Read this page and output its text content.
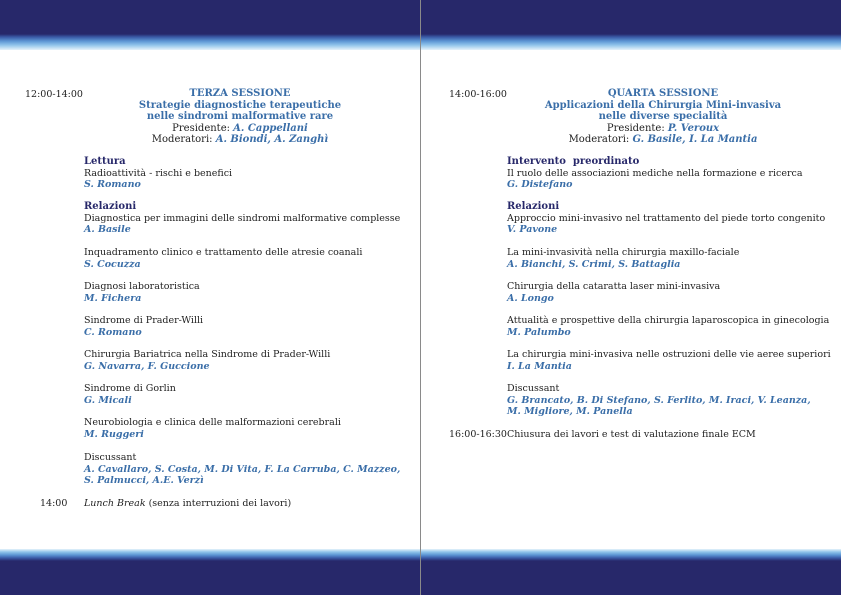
12:00-14:00	TERZA SESSIONE
Strategie diagnostiche terapeutiche
nelle sindromi malformative rare
Presidente: A. Cappellani
Moderatori: A. Biondi, A. Zanghì
Lettura
Radioattività - rischi e benefici
S. Romano
Relazioni
Diagnostica per immagini delle sindromi malformative complesse
A. Basile
Inquadramento clinico e trattamento delle atresie coanali
S. Cocuzza
Diagnosi laboratoristica
M. Fichera
Sindrome di Prader-Willi
C. Romano
Chirurgia Bariatrica nella Sindrome di Prader-Willi
G. Navarra, F. Guccione
Sindrome di Gorlin
G. Micali
Neurobiologia e clinica delle malformazioni cerebrali
M. Ruggeri
Discussant
A. Cavallaro, S. Costa, M. Di Vita, F. La Carruba, C. Mazzeo,
S. Palmucci, A.E. Verzì
14:00 Lunch Break (senza interruzioni dei lavori)
14:00-16:00	QUARTA SESSIONE
Applicazioni della Chirurgia Mini-invasiva
nelle diverse specialità
Presidente: P. Veroux
Moderatori: G. Basile, I. La Mantia
Intervento  preordinato
Il ruolo delle associazioni mediche nella formazione e ricerca
G. Distefano
Relazioni
Approccio mini-invasivo nel trattamento del piede torto congenito
V. Pavone
La mini-invasività nella chirurgia maxillo-faciale
A. Bianchi, S. Crimi, S. Battaglia
Chirurgia della cataratta laser mini-invasiva
A. Longo
Attualità e prospettive della chirurgia laparoscopica in ginecologia
M. Palumbo
La chirurgia mini-invasiva nelle ostruzioni delle vie aeree superiori
I. La Mantia
Discussant
G. Brancato, B. Di Stefano, S. Ferlito, M. Iraci, V. Leanza,
M. Migliore, M. Panella
16:00-16:30 Chiusura dei lavori e test di valutazione finale ECM
